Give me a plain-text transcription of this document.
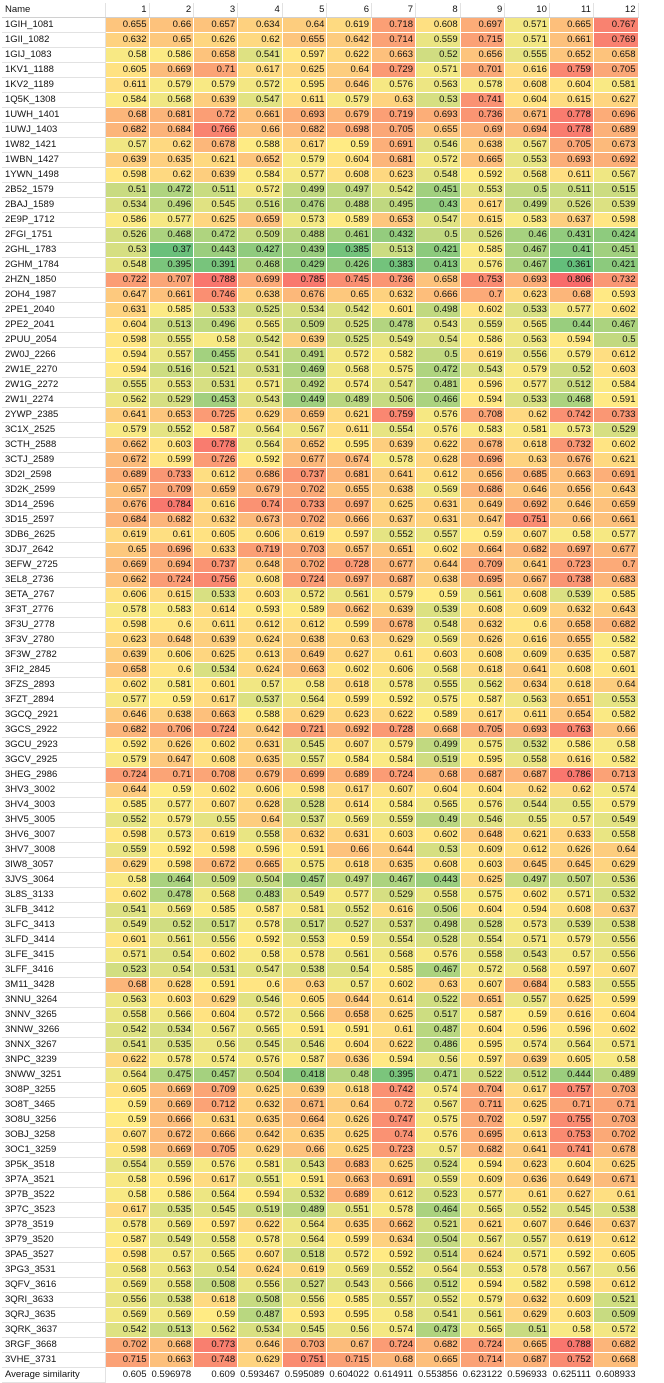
Name	1	2	3	4	5	6	7	8	9	10	11	12
1GIH_1081	0.655	0.66	0.657	0.634	0.64	0.619	0.718	0.608	0.697	0.571	0.665	0.767
1GII_1082	0.632	0.65	0.626	0.62	0.655	0.642	0.714	0.559	0.715	0.571	0.661	0.769
1GIJ_1083	0.58	0.586	0.658	0.541	0.597	0.622	0.663	0.52	0.656	0.555	0.652	0.658
1KV1_1188	0.605	0.669	0.71	0.617	0.625	0.64	0.729	0.571	0.701	0.616	0.759	0.705
1KV2_1189	0.611	0.579	0.579	0.572	0.595	0.646	0.576	0.563	0.578	0.608	0.604	0.581
1Q5K_1308	0.584	0.568	0.639	0.547	0.611	0.579	0.63	0.53	0.741	0.604	0.615	0.627
1UWH_1401	0.68	0.681	0.72	0.661	0.693	0.679	0.719	0.693	0.736	0.671	0.778	0.696
1UWJ_1403	0.682	0.684	0.766	0.66	0.682	0.698	0.705	0.655	0.69	0.694	0.778	0.689
1W82_1421	0.57	0.62	0.678	0.588	0.617	0.59	0.691	0.546	0.638	0.567	0.705	0.673
1WBN_1427	0.639	0.635	0.621	0.652	0.579	0.604	0.681	0.572	0.665	0.553	0.693	0.692
1YWN_1498	0.598	0.62	0.639	0.584	0.577	0.608	0.623	0.548	0.592	0.568	0.611	0.567
2B52_1579	0.51	0.472	0.511	0.572	0.499	0.497	0.542	0.451	0.553	0.5	0.511	0.515
2BAJ_1589	0.534	0.496	0.545	0.516	0.476	0.488	0.495	0.43	0.617	0.499	0.526	0.539
2E9P_1712	0.586	0.577	0.625	0.659	0.573	0.589	0.653	0.547	0.615	0.583	0.637	0.598
2FGI_1751	0.526	0.468	0.472	0.509	0.488	0.461	0.432	0.5	0.526	0.46	0.431	0.424
2GHL_1783	0.53	0.37	0.443	0.427	0.439	0.385	0.513	0.421	0.585	0.467	0.41	0.451
2GHM_1784	0.548	0.395	0.391	0.468	0.429	0.426	0.383	0.413	0.576	0.467	0.361	0.421
2HZN_1850	0.722	0.707	0.788	0.699	0.785	0.745	0.736	0.658	0.753	0.693	0.806	0.732
2OH4_1987	0.647	0.661	0.746	0.638	0.676	0.65	0.632	0.666	0.7	0.623	0.68	0.593
2PE1_2040	0.631	0.585	0.533	0.525	0.534	0.542	0.601	0.498	0.602	0.533	0.577	0.602
2PE2_2041	0.604	0.513	0.496	0.565	0.509	0.525	0.478	0.543	0.559	0.565	0.44	0.467
2PUU_2054	0.598	0.555	0.58	0.542	0.639	0.525	0.549	0.54	0.586	0.563	0.594	0.5
2W0J_2266	0.594	0.557	0.455	0.541	0.491	0.572	0.582	0.5	0.619	0.556	0.579	0.612
2W1E_2270	0.594	0.516	0.521	0.531	0.469	0.568	0.575	0.472	0.543	0.579	0.52	0.603
2W1G_2272	0.555	0.553	0.531	0.571	0.492	0.574	0.547	0.481	0.596	0.577	0.512	0.584
2W1I_2274	0.562	0.529	0.453	0.543	0.449	0.489	0.506	0.466	0.594	0.533	0.468	0.591
2YWP_2385	0.641	0.653	0.725	0.629	0.659	0.621	0.759	0.576	0.708	0.62	0.742	0.733
3C1X_2525	0.579	0.552	0.587	0.564	0.567	0.611	0.554	0.576	0.583	0.581	0.573	0.529
3CTH_2588	0.662	0.603	0.778	0.564	0.652	0.595	0.639	0.622	0.678	0.618	0.732	0.602
3CTJ_2589	0.672	0.599	0.726	0.592	0.677	0.674	0.578	0.628	0.696	0.63	0.676	0.621
3D2I_2598	0.689	0.733	0.612	0.686	0.737	0.681	0.641	0.612	0.656	0.685	0.663	0.691
3D2K_2599	0.657	0.709	0.659	0.679	0.702	0.655	0.638	0.569	0.686	0.646	0.656	0.643
3D14_2596	0.676	0.784	0.616	0.74	0.733	0.697	0.625	0.631	0.649	0.692	0.646	0.659
3D15_2597	0.684	0.682	0.632	0.673	0.702	0.666	0.637	0.631	0.647	0.751	0.66	0.661
3DB6_2625	0.619	0.61	0.605	0.606	0.619	0.597	0.552	0.557	0.59	0.607	0.58	0.577
3DJ7_2642	0.65	0.696	0.633	0.719	0.703	0.657	0.651	0.602	0.664	0.682	0.697	0.677
3EFW_2725	0.669	0.694	0.737	0.648	0.702	0.728	0.677	0.644	0.709	0.641	0.723	0.7
3EL8_2736	0.662	0.724	0.756	0.608	0.724	0.697	0.687	0.638	0.695	0.667	0.738	0.683
3ETA_2767	0.606	0.615	0.533	0.603	0.572	0.561	0.579	0.59	0.561	0.608	0.539	0.585
3F3T_2776	0.578	0.583	0.614	0.593	0.589	0.662	0.639	0.539	0.608	0.609	0.632	0.643
3F3U_2778	0.598	0.6	0.611	0.612	0.612	0.599	0.678	0.548	0.632	0.6	0.658	0.682
3F3V_2780	0.623	0.648	0.639	0.624	0.638	0.63	0.629	0.569	0.626	0.616	0.655	0.582
3F3W_2782	0.639	0.606	0.625	0.613	0.649	0.627	0.61	0.603	0.608	0.609	0.635	0.587
3FI2_2845	0.658	0.6	0.534	0.624	0.663	0.602	0.606	0.568	0.618	0.641	0.608	0.601
3FZS_2893	0.602	0.581	0.601	0.57	0.58	0.618	0.578	0.555	0.562	0.634	0.618	0.64
3FZT_2894	0.577	0.59	0.617	0.537	0.564	0.599	0.592	0.575	0.587	0.563	0.651	0.553
3GCQ_2921	0.646	0.638	0.663	0.588	0.629	0.623	0.622	0.589	0.617	0.611	0.654	0.582
3GCS_2922	0.682	0.706	0.724	0.642	0.721	0.692	0.728	0.668	0.705	0.693	0.763	0.66
3GCU_2923	0.592	0.626	0.602	0.631	0.545	0.607	0.579	0.499	0.575	0.532	0.586	0.58
3GCV_2925	0.579	0.647	0.608	0.635	0.557	0.584	0.584	0.519	0.595	0.558	0.616	0.582
3HEG_2986	0.724	0.71	0.708	0.679	0.699	0.689	0.724	0.68	0.687	0.687	0.786	0.713
3HV3_3002	0.644	0.59	0.602	0.606	0.598	0.617	0.607	0.604	0.604	0.62	0.62	0.574
3HV4_3003	0.585	0.577	0.607	0.628	0.528	0.614	0.584	0.565	0.576	0.544	0.55	0.579
3HV5_3005	0.552	0.579	0.55	0.64	0.537	0.569	0.559	0.49	0.546	0.55	0.57	0.549
3HV6_3007	0.598	0.573	0.619	0.558	0.632	0.631	0.603	0.602	0.648	0.621	0.633	0.558
3HV7_3008	0.559	0.592	0.598	0.596	0.591	0.66	0.644	0.53	0.609	0.612	0.626	0.64
3IW8_3057	0.629	0.598	0.672	0.665	0.575	0.618	0.635	0.608	0.603	0.645	0.645	0.629
3JVS_3064	0.58	0.464	0.509	0.504	0.457	0.497	0.467	0.443	0.625	0.497	0.507	0.536
3L8S_3133	0.602	0.478	0.568	0.483	0.549	0.577	0.529	0.558	0.575	0.602	0.571	0.532
3LFB_3412	0.541	0.569	0.585	0.587	0.581	0.552	0.616	0.506	0.604	0.594	0.608	0.637
3LFC_3413	0.549	0.52	0.517	0.578	0.517	0.527	0.537	0.498	0.528	0.573	0.539	0.538
3LFD_3414	0.601	0.561	0.556	0.592	0.553	0.59	0.554	0.528	0.554	0.571	0.579	0.556
3LFE_3415	0.571	0.54	0.602	0.58	0.578	0.561	0.568	0.576	0.558	0.543	0.57	0.556
3LFF_3416	0.523	0.54	0.531	0.547	0.538	0.54	0.585	0.467	0.572	0.568	0.597	0.607
3M11_3428	0.68	0.628	0.591	0.6	0.63	0.57	0.602	0.63	0.607	0.684	0.583	0.555
3NNU_3264	0.563	0.603	0.629	0.546	0.605	0.644	0.614	0.522	0.651	0.557	0.625	0.599
3NNV_3265	0.558	0.566	0.604	0.572	0.566	0.658	0.625	0.517	0.587	0.59	0.616	0.604
3NNW_3266	0.542	0.534	0.567	0.565	0.591	0.591	0.61	0.487	0.604	0.596	0.596	0.602
3NNX_3267	0.541	0.535	0.56	0.545	0.546	0.604	0.622	0.486	0.595	0.574	0.564	0.571
3NPC_3239	0.622	0.578	0.574	0.576	0.587	0.636	0.594	0.56	0.597	0.639	0.605	0.58
3NWW_3251	0.564	0.475	0.457	0.504	0.418	0.48	0.395	0.471	0.522	0.512	0.444	0.489
3O8P_3255	0.605	0.669	0.709	0.625	0.639	0.618	0.742	0.574	0.704	0.617	0.757	0.703
3O8T_3465	0.59	0.669	0.712	0.632	0.671	0.64	0.72	0.567	0.711	0.625	0.71	0.71
3O8U_3256	0.59	0.666	0.631	0.635	0.664	0.626	0.747	0.575	0.702	0.597	0.755	0.703
3OBJ_3258	0.607	0.672	0.666	0.642	0.635	0.625	0.74	0.576	0.695	0.613	0.753	0.702
3OC1_3259	0.598	0.669	0.705	0.629	0.66	0.625	0.723	0.57	0.682	0.641	0.741	0.678
3P5K_3518	0.554	0.559	0.576	0.581	0.543	0.683	0.625	0.524	0.594	0.623	0.604	0.625
3P7A_3521	0.58	0.596	0.617	0.551	0.591	0.663	0.691	0.559	0.609	0.636	0.649	0.671
3P7B_3522	0.58	0.586	0.564	0.594	0.532	0.689	0.612	0.523	0.577	0.61	0.627	0.61
3P7C_3523	0.617	0.535	0.545	0.519	0.489	0.551	0.578	0.464	0.565	0.552	0.545	0.538
3P78_3519	0.578	0.569	0.597	0.622	0.564	0.635	0.662	0.521	0.621	0.607	0.646	0.637
3P79_3520	0.587	0.549	0.558	0.578	0.564	0.599	0.634	0.504	0.567	0.557	0.619	0.612
3PA5_3527	0.598	0.57	0.565	0.607	0.518	0.572	0.592	0.514	0.624	0.571	0.592	0.605
3PG3_3531	0.568	0.563	0.54	0.624	0.619	0.569	0.552	0.564	0.553	0.578	0.567	0.56
3QFV_3616	0.569	0.558	0.508	0.556	0.527	0.543	0.566	0.512	0.594	0.582	0.598	0.612
3QRI_3633	0.556	0.538	0.618	0.508	0.556	0.585	0.557	0.552	0.579	0.632	0.609	0.521
3QRJ_3635	0.569	0.569	0.59	0.487	0.593	0.595	0.58	0.541	0.561	0.629	0.603	0.509
3QRK_3637	0.542	0.513	0.562	0.534	0.545	0.56	0.574	0.473	0.565	0.51	0.58	0.572
3RGF_3668	0.702	0.668	0.773	0.646	0.703	0.67	0.724	0.682	0.724	0.665	0.788	0.682
3VHE_3731	0.715	0.663	0.748	0.629	0.751	0.715	0.68	0.665	0.714	0.687	0.752	0.668
Average similarity	0.605	0.596978	0.609	0.593467	0.595089	0.604022	0.614911	0.553856	0.623122	0.596933	0.625111	0.608933
